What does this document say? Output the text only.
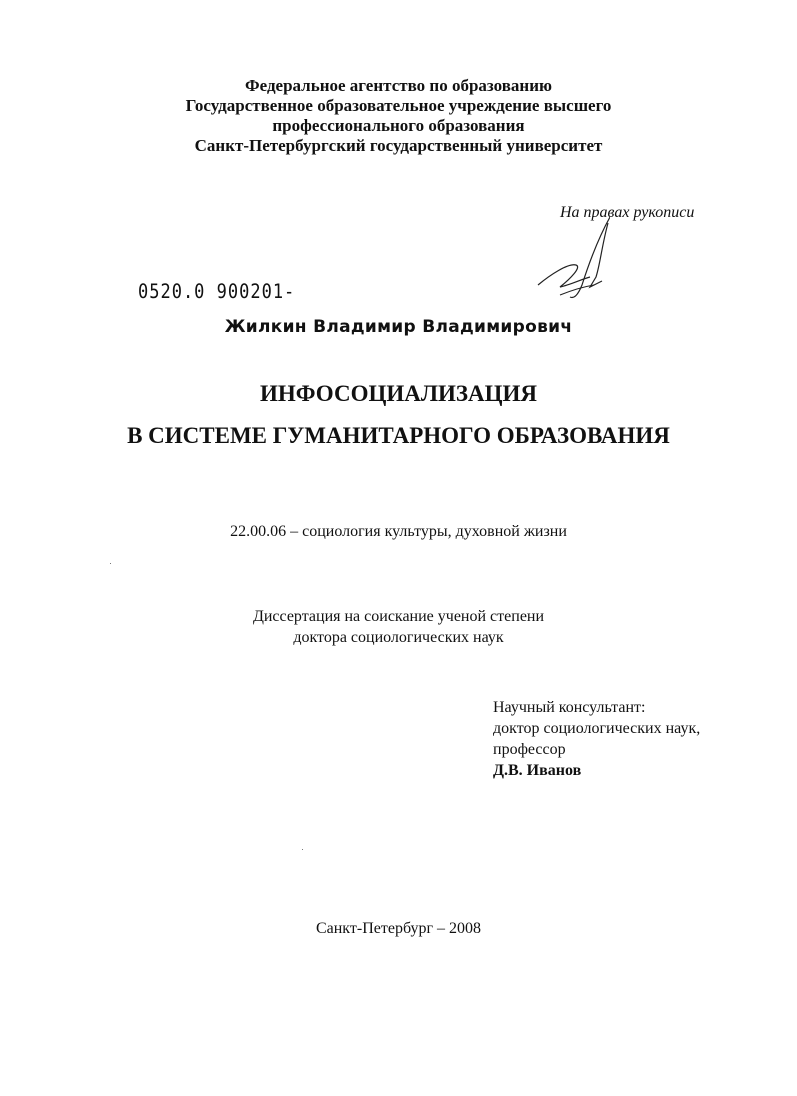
Федеральное агентство по образованию
Государственное образовательное учреждение высшего
профессионального образования
Санкт-Петербургский государственный университет
На правах рукописи
0520.0 900201-
Жилкин Владимир Владимирович
ИНФОСОЦИАЛИЗАЦИЯ
В СИСТЕМЕ ГУМАНИТАРНОГО ОБРАЗОВАНИЯ
22.00.06 – социология культуры, духовной жизни
Диссертация на соискание ученой степени
доктора социологических наук
Научный консультант:
доктор социологических наук,
профессор
Д.В. Иванов
Санкт-Петербург – 2008
